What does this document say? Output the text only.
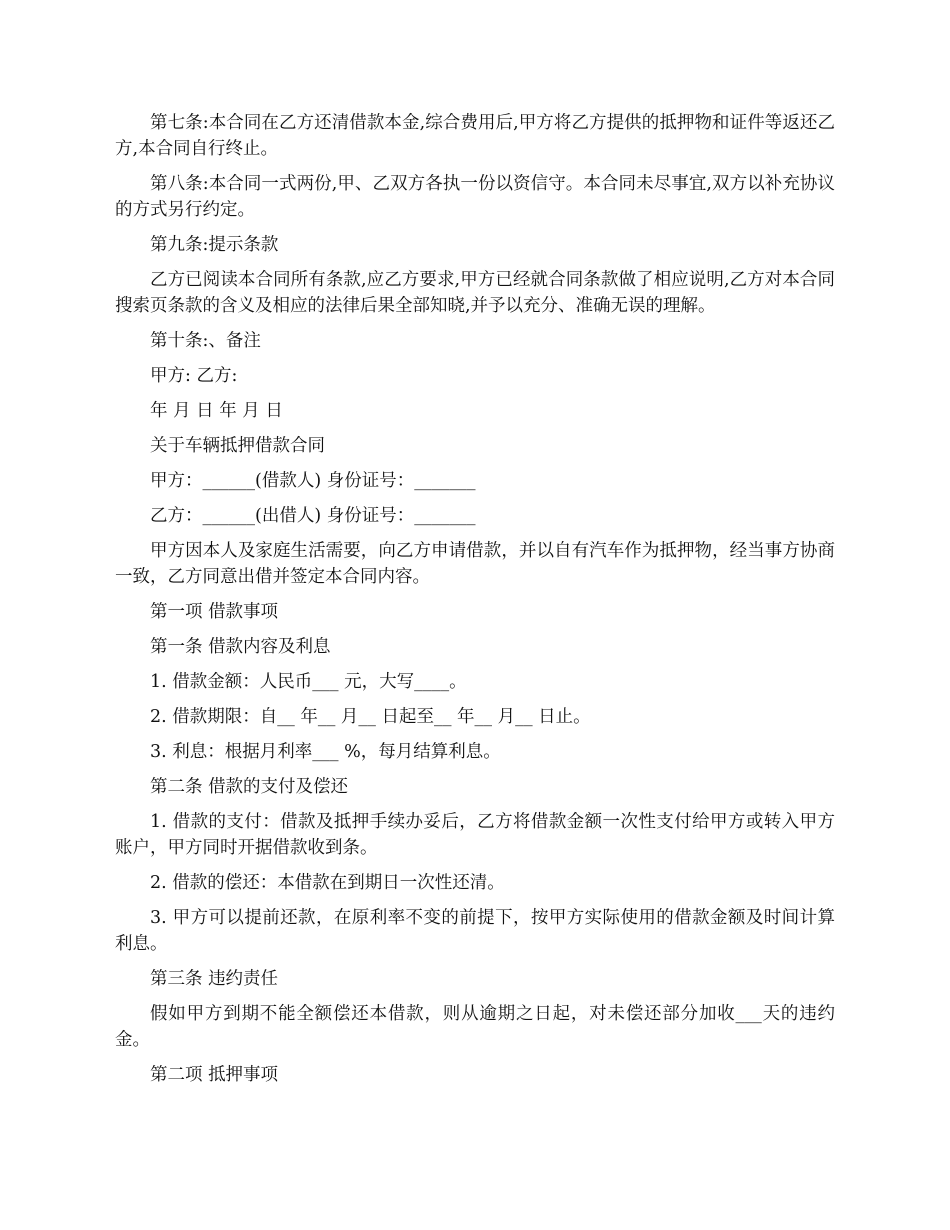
第七条:本合同在乙方还清借款本金,综合费用后,甲方将乙方提供的抵押物和证件等返还乙方,本合同自行终止。

第八条:本合同一式两份,甲、乙双方各执一份以资信守。本合同未尽事宜,双方以补充协议的方式另行约定。

第九条:提示条款

乙方已阅读本合同所有条款,应乙方要求,甲方已经就合同条款做了相应说明,乙方对本合同搜索页条款的含义及相应的法律后果全部知晓,并予以充分、准确无误的理解。

第十条:、备注

甲方: 乙方:

年 月 日 年 月 日

关于车辆抵押借款合同

甲方：______(借款人) 身份证号：_______

乙方：______(出借人) 身份证号：_______

甲方因本人及家庭生活需要，向乙方申请借款，并以自有汽车作为抵押物，经当事方协商一致，乙方同意出借并签定本合同内容。

第一项 借款事项

第一条 借款内容及利息

1. 借款金额：人民币___ 元，大写____。

2. 借款期限：自__ 年__ 月__ 日起至__ 年__ 月__ 日止。

3. 利息：根据月利率___ %，每月结算利息。

第二条 借款的支付及偿还

1. 借款的支付：借款及抵押手续办妥后，乙方将借款金额一次性支付给甲方或转入甲方账户，甲方同时开据借款收到条。

2. 借款的偿还：本借款在到期日一次性还清。

3. 甲方可以提前还款，在原利率不变的前提下，按甲方实际使用的借款金额及时间计算利息。

第三条 违约责任

假如甲方到期不能全额偿还本借款，则从逾期之日起，对未偿还部分加收___天的违约金。

第二项 抵押事项
